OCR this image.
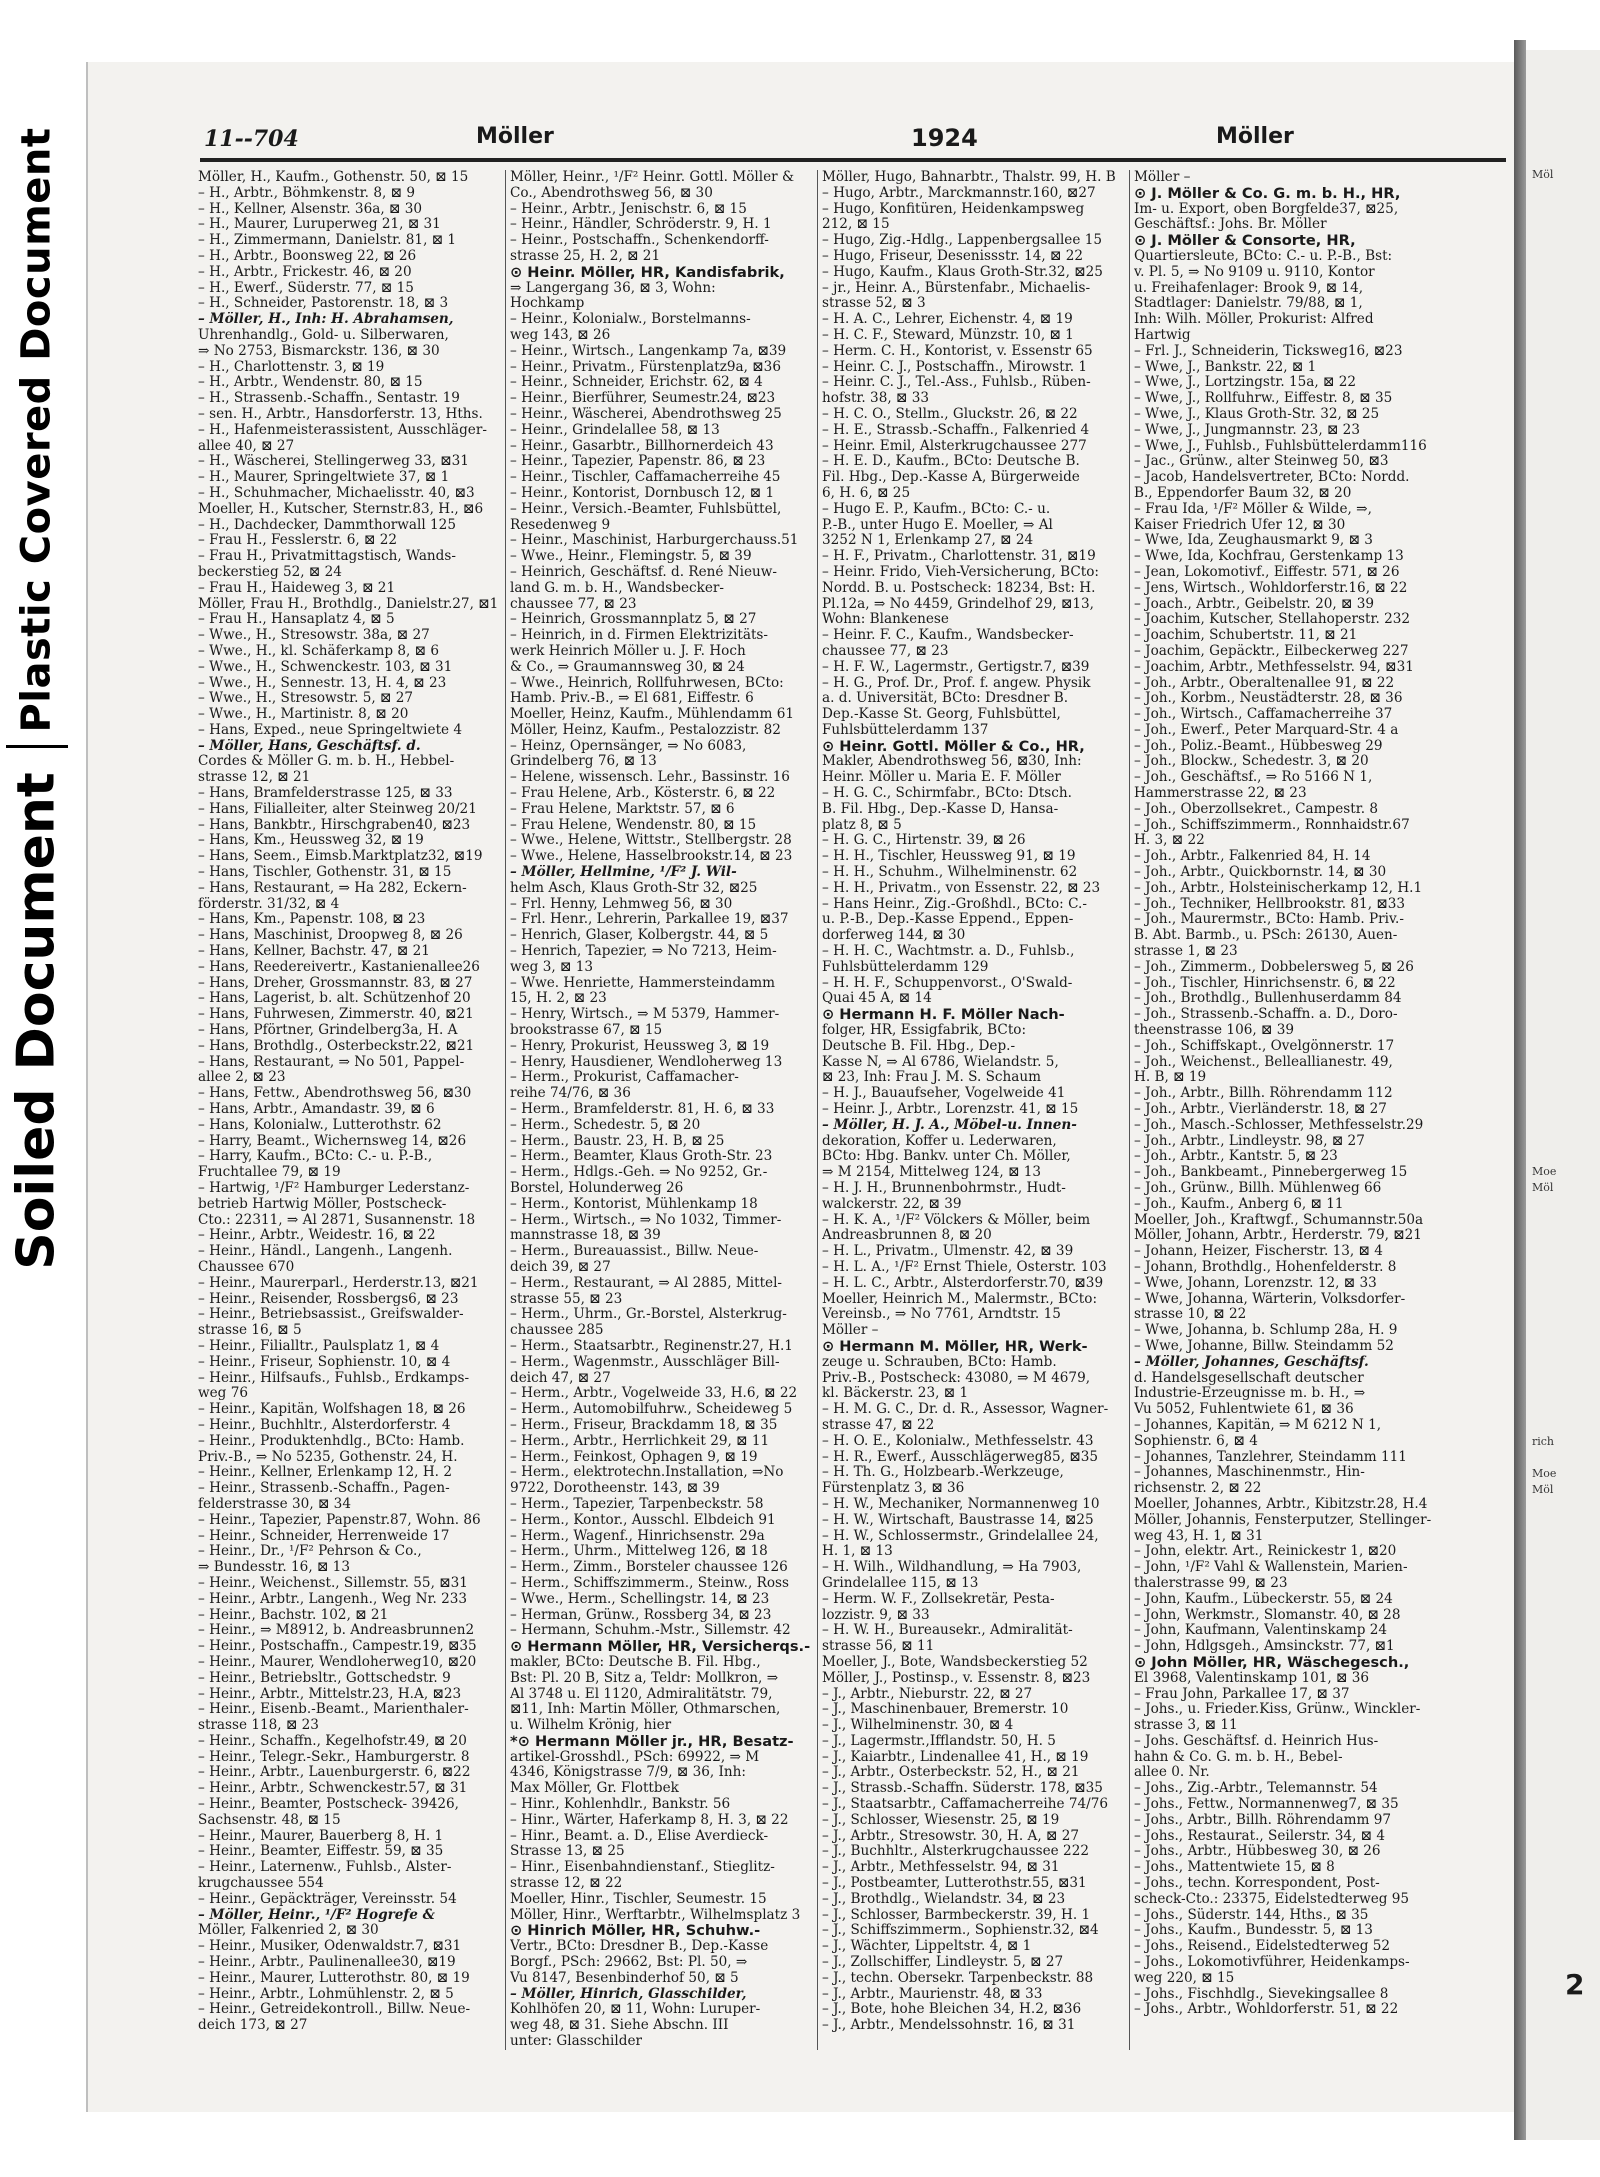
Plastic Covered Document
Soiled Document
Möl
Moe
Möl
rich
Moe
Möl
11--704	Möller	1924	Möller

Möller, H., Kaufm., Gothenstr. 50, ⊠ 15

– H., Arbtr., Böhmkenstr. 8, ⊠ 9

– H., Kellner, Alsenstr. 36a, ⊠ 30

– H., Maurer, Luruperweg 21, ⊠ 31

– H., Zimmermann, Danielstr. 81, ⊠ 1

– H., Arbtr., Boonsweg 22, ⊠ 26

– H., Arbtr., Frickestr. 46, ⊠ 20

– H., Ewerf., Süderstr. 77, ⊠ 15

– H., Schneider, Pastorenstr. 18, ⊠ 3

– Möller, H., Inh: H. Abrahamsen,

Uhrenhandlg., Gold- u. Silberwaren,

⇒ No 2753, Bismarckstr. 136, ⊠ 30

– H., Charlottenstr. 3, ⊠ 19

– H., Arbtr., Wendenstr. 80, ⊠ 15

– H., Strassenb.-Schaffn., Sentastr. 19

– sen. H., Arbtr., Hansdorferstr. 13, Hths.

– H., Hafenmeisterassistent, Ausschläger-

allee 40, ⊠ 27

– H., Wäscherei, Stellingerweg 33, ⊠31

– H., Maurer, Springeltwiete 37, ⊠ 1

– H., Schuhmacher, Michaelisstr. 40, ⊠3

Moeller, H., Kutscher, Sternstr.83, H., ⊠6

– H., Dachdecker, Dammthorwall 125

– Frau H., Fesslerstr. 6, ⊠ 22

– Frau H., Privatmittagstisch, Wands-

beckerstieg 52, ⊠ 24

– Frau H., Haideweg 3, ⊠ 21

Möller, Frau H., Brothdlg., Danielstr.27, ⊠1

– Frau H., Hansaplatz 4, ⊠ 5

– Wwe., H., Stresowstr. 38a, ⊠ 27

– Wwe., H., kl. Schäferkamp 8, ⊠ 6

– Wwe., H., Schwenckestr. 103, ⊠ 31

– Wwe., H., Sennestr. 13, H. 4, ⊠ 23

– Wwe., H., Stresowstr. 5, ⊠ 27

– Wwe., H., Martinistr. 8, ⊠ 20

– Hans, Exped., neue Springeltwiete 4

– Möller, Hans, Geschäftsf. d.

Cordes & Möller G. m. b. H., Hebbel-

strasse 12, ⊠ 21

– Hans, Bramfelderstrasse 125, ⊠ 33

– Hans, Filialleiter, alter Steinweg 20/21

– Hans, Bankbtr., Hirschgraben40, ⊠23

– Hans, Km., Heussweg 32, ⊠ 19

– Hans, Seem., Eimsb.Marktplatz32, ⊠19

– Hans, Tischler, Gothenstr. 31, ⊠ 15

– Hans, Restaurant, ⇒ Ha 282, Eckern-

förderstr. 31/32, ⊠ 4

– Hans, Km., Papenstr. 108, ⊠ 23

– Hans, Maschinist, Droopweg 8, ⊠ 26

– Hans, Kellner, Bachstr. 47, ⊠ 21

– Hans, Reedereivertr., Kastanienallee26

– Hans, Dreher, Grossmannstr. 83, ⊠ 27

– Hans, Lagerist, b. alt. Schützenhof 20

– Hans, Fuhrwesen, Zimmerstr. 40, ⊠21

– Hans, Pförtner, Grindelberg3a, H. A

– Hans, Brothdlg., Osterbeckstr.22, ⊠21

– Hans, Restaurant, ⇒ No 501, Pappel-

allee 2, ⊠ 23

– Hans, Fettw., Abendrothsweg 56, ⊠30

– Hans, Arbtr., Amandastr. 39, ⊠ 6

– Hans, Kolonialw., Lutterothstr. 62

– Harry, Beamt., Wichernsweg 14, ⊠26

– Harry, Kaufm., BCto: C.- u. P.-B.,

Fruchtallee 79, ⊠ 19

– Hartwig, ¹/F² Hamburger Lederstanz-

betrieb Hartwig Möller, Postscheck-

Cto.: 22311, ⇒ Al 2871, Susannenstr. 18

– Heinr., Arbtr., Weidestr. 16, ⊠ 22

– Heinr., Händl., Langenh., Langenh.

Chaussee 670

– Heinr., Maurerparl., Herderstr.13, ⊠21

– Heinr., Reisender, Rossbergs6, ⊠ 23

– Heinr., Betriebsassist., Greifswalder-

strasse 16, ⊠ 5

– Heinr., Filialltr., Paulsplatz 1, ⊠ 4

– Heinr., Friseur, Sophienstr. 10, ⊠ 4

– Heinr., Hilfsaufs., Fuhlsb., Erdkamps-

weg 76

– Heinr., Kapitän, Wolfshagen 18, ⊠ 26

– Heinr., Buchhltr., Alsterdorferstr. 4

– Heinr., Produktenhdlg., BCto: Hamb.

Priv.-B., ⇒ No 5235, Gothenstr. 24, H.

– Heinr., Kellner, Erlenkamp 12, H. 2

– Heinr., Strassenb.-Schaffn., Pagen-

felderstrasse 30, ⊠ 34

– Heinr., Tapezier, Papenstr.87, Wohn. 86

– Heinr., Schneider, Herrenweide 17

– Heinr., Dr., ¹/F² Pehrson & Co.,

⇒ Bundesstr. 16, ⊠ 13

– Heinr., Weichenst., Sillemstr. 55, ⊠31

– Heinr., Arbtr., Langenh., Weg Nr. 233

– Heinr., Bachstr. 102, ⊠ 21

– Heinr., ⇒ M8912, b. Andreasbrunnen2

– Heinr., Postschaffn., Campestr.19, ⊠35

– Heinr., Maurer, Wendloherweg10, ⊠20

– Heinr., Betriebsltr., Gottschedstr. 9

– Heinr., Arbtr., Mittelstr.23, H.A, ⊠23

– Heinr., Eisenb.-Beamt., Marienthaler-

strasse 118, ⊠ 23

– Heinr., Schaffn., Kegelhofstr.49, ⊠ 20

– Heinr., Telegr.-Sekr., Hamburgerstr. 8

– Heinr., Arbtr., Lauenburgerstr. 6, ⊠22

– Heinr., Arbtr., Schwenckestr.57, ⊠ 31

– Heinr., Beamter, Postscheck- 39426,

Sachsenstr. 48, ⊠ 15

– Heinr., Maurer, Bauerberg 8, H. 1

– Heinr., Beamter, Eiffestr. 59, ⊠ 35

– Heinr., Laternenw., Fuhlsb., Alster-

krugchaussee 554

– Heinr., Gepäckträger, Vereinsstr. 54

– Möller, Heinr., ¹/F² Hogrefe &

Möller, Falkenried 2, ⊠ 30

– Heinr., Musiker, Odenwaldstr.7, ⊠31

– Heinr., Arbtr., Paulinenallee30, ⊠19

– Heinr., Maurer, Lutterothstr. 80, ⊠ 19

– Heinr., Arbtr., Lohmühlenstr. 2, ⊠ 5

– Heinr., Getreidekontroll., Billw. Neue-

deich 173, ⊠ 27

Möller, Heinr., ¹/F² Heinr. Gottl. Möller &

Co., Abendrothsweg 56, ⊠ 30

– Heinr., Arbtr., Jenischstr. 6, ⊠ 15

– Heinr., Händler, Schröderstr. 9, H. 1

– Heinr., Postschaffn., Schenkendorff-

strasse 25, H. 2, ⊠ 21

⊙ Heinr. Möller, HR, Kandisfabrik,

⇒ Langergang 36, ⊠ 3, Wohn:

Hochkamp

– Heinr., Kolonialw., Borstelmanns-

weg 143, ⊠ 26

– Heinr., Wirtsch., Langenkamp 7a, ⊠39

– Heinr., Privatm., Fürstenplatz9a, ⊠36

– Heinr., Schneider, Erichstr. 62, ⊠ 4

– Heinr., Bierführer, Seumestr.24, ⊠23

– Heinr., Wäscherei, Abendrothsweg 25

– Heinr., Grindelallee 58, ⊠ 13

– Heinr., Gasarbtr., Billhornerdeich 43

– Heinr., Tapezier, Papenstr. 86, ⊠ 23

– Heinr., Tischler, Caffamacherreihe 45

– Heinr., Kontorist, Dornbusch 12, ⊠ 1

– Heinr., Versich.-Beamter, Fuhlsbüttel,

Resedenweg 9

– Heinr., Maschinist, Harburgerchauss.51

– Wwe., Heinr., Flemingstr. 5, ⊠ 39

– Heinrich, Geschäftsf. d. René Nieuw-

land G. m. b. H., Wandsbecker-

chaussee 77, ⊠ 23

– Heinrich, Grossmannplatz 5, ⊠ 27

– Heinrich, in d. Firmen Elektrizitäts-

werk Heinrich Möller u. J. F. Hoch

& Co., ⇒ Graumannsweg 30, ⊠ 24

– Wwe., Heinrich, Rollfuhrwesen, BCto:

Hamb. Priv.-B., ⇒ El 681, Eiffestr. 6

Moeller, Heinz, Kaufm., Mühlendamm 61

Möller, Heinz, Kaufm., Pestalozzistr. 82

– Heinz, Opernsänger, ⇒ No 6083,

Grindelberg 76, ⊠ 13

– Helene, wissensch. Lehr., Bassinstr. 16

– Frau Helene, Arb., Kösterstr. 6, ⊠ 22

– Frau Helene, Marktstr. 57, ⊠ 6

– Frau Helene, Wendenstr. 80, ⊠ 15

– Wwe., Helene, Wittstr., Stellbergstr. 28

– Wwe., Helene, Hasselbrookstr.14, ⊠ 23

– Möller, Hellmine, ¹/F² J. Wil-

helm Asch, Klaus Groth-Str 32, ⊠25

– Frl. Henny, Lehmweg 56, ⊠ 30

– Frl. Henr., Lehrerin, Parkallee 19, ⊠37

– Henrich, Glaser, Kolbergstr. 44, ⊠ 5

– Henrich, Tapezier, ⇒ No 7213, Heim-

weg 3, ⊠ 13

– Wwe. Henriette, Hammersteindamm

15, H. 2, ⊠ 23

– Henry, Wirtsch., ⇒ M 5379, Hammer-

brookstrasse 67, ⊠ 15

– Henry, Prokurist, Heussweg 3, ⊠ 19

– Henry, Hausdiener, Wendloherweg 13

– Herm., Prokurist, Caffamacher-

reihe 74/76, ⊠ 36

– Herm., Bramfelderstr. 81, H. 6, ⊠ 33

– Herm., Schedestr. 5, ⊠ 20

– Herm., Baustr. 23, H. B, ⊠ 25

– Herm., Beamter, Klaus Groth-Str. 23

– Herm., Hdlgs.-Geh. ⇒ No 9252, Gr.-

Borstel, Holunderweg 26

– Herm., Kontorist, Mühlenkamp 18

– Herm., Wirtsch., ⇒ No 1032, Timmer-

mannstrasse 18, ⊠ 39

– Herm., Bureauassist., Billw. Neue-

deich 39, ⊠ 27

– Herm., Restaurant, ⇒ Al 2885, Mittel-

strasse 55, ⊠ 23

– Herm., Uhrm., Gr.-Borstel, Alsterkrug-

chaussee 285

– Herm., Staatsarbtr., Reginenstr.27, H.1

– Herm., Wagenmstr., Ausschläger Bill-

deich 47, ⊠ 27

– Herm., Arbtr., Vogelweide 33, H.6, ⊠ 22

– Herm., Automobilfuhrw., Scheideweg 5

– Herm., Friseur, Brackdamm 18, ⊠ 35

– Herm., Arbtr., Herrlichkeit 29, ⊠ 11

– Herm., Feinkost, Ophagen 9, ⊠ 19

– Herm., elektrotechn.Installation, ⇒No

9722, Dorotheenstr. 143, ⊠ 39

– Herm., Tapezier, Tarpenbeckstr. 58

– Herm., Kontor., Ausschl. Elbdeich 91

– Herm., Wagenf., Hinrichsenstr. 29a

– Herm., Uhrm., Mittelweg 126, ⊠ 18

– Herm., Zimm., Borsteler chaussee 126

– Herm., Schiffszimmerm., Steinw., Ross

– Wwe., Herm., Schellingstr. 14, ⊠ 23

– Herman, Grünw., Rossberg 34, ⊠ 23

– Hermann, Schuhm.-Mstr., Sillemstr. 42

⊙ Hermann Möller, HR, Versicherqs.-

makler, BCto: Deutsche B. Fil. Hbg.,

Bst: Pl. 20 B, Sitz a, Teldr: Mollkron, ⇒

Al 3748 u. El 1120, Admiralitätstr. 79,

⊠11, Inh: Martin Möller, Othmarschen,

u. Wilhelm Krönig, hier

*⊙ Hermann Möller jr., HR, Besatz-

artikel-Grosshdl., PSch: 69922, ⇒ M

4346, Königstrasse 7/9, ⊠ 36, Inh:

Max Möller, Gr. Flottbek

– Hinr., Kohlenhdlr., Bankstr. 56

– Hinr., Wärter, Haferkamp 8, H. 3, ⊠ 22

– Hinr., Beamt. a. D., Elise Averdieck-

Strasse 13, ⊠ 25

– Hinr., Eisenbahndienstanf., Stieglitz-

strasse 12, ⊠ 22

Moeller, Hinr., Tischler, Seumestr. 15

Möller, Hinr., Werftarbtr., Wilhelmsplatz 3

⊙ Hinrich Möller, HR, Schuhw.-

Vertr., BCto: Dresdner B., Dep.-Kasse

Borgf., PSch: 29662, Bst: Pl. 50, ⇒

Vu 8147, Besenbinderhof 50, ⊠ 5

– Möller, Hinrich, Glasschilder,

Kohlhöfen 20, ⊠ 11, Wohn: Luruper-

weg 48, ⊠ 31. Siehe Abschn. III

unter: Glasschilder

Möller, Hugo, Bahnarbtr., Thalstr. 99, H. B

– Hugo, Arbtr., Marckmannstr.160, ⊠27

– Hugo, Konfitüren, Heidenkampsweg

212, ⊠ 15

– Hugo, Zig.-Hdlg., Lappenbergsallee 15

– Hugo, Friseur, Desenissstr. 14, ⊠ 22

– Hugo, Kaufm., Klaus Groth-Str.32, ⊠25

– jr., Heinr. A., Bürstenfabr., Michaelis-

strasse 52, ⊠ 3

– H. A. C., Lehrer, Eichenstr. 4, ⊠ 19

– H. C. F., Steward, Münzstr. 10, ⊠ 1

– Herm. C. H., Kontorist, v. Essenstr 65

– Heinr. C. J., Postschaffn., Mirowstr. 1

– Heinr. C. J., Tel.-Ass., Fuhlsb., Rüben-

hofstr. 38, ⊠ 33

– H. C. O., Stellm., Gluckstr. 26, ⊠ 22

– H. E., Strassb.-Schaffn., Falkenried 4

– Heinr. Emil, Alsterkrugchaussee 277

– H. E. D., Kaufm., BCto: Deutsche B.

Fil. Hbg., Dep.-Kasse A, Bürgerweide

6, H. 6, ⊠ 25

– Hugo E. P., Kaufm., BCto: C.- u.

P.-B., unter Hugo E. Moeller, ⇒ Al

3252 N 1, Erlenkamp 27, ⊠ 24

– H. F., Privatm., Charlottenstr. 31, ⊠19

– Heinr. Frido, Vieh-Versicherung, BCto:

Nordd. B. u. Postscheck: 18234, Bst: H.

Pl.12a, ⇒ No 4459, Grindelhof 29, ⊠13,

Wohn: Blankenese

– Heinr. F. C., Kaufm., Wandsbecker-

chaussee 77, ⊠ 23

– H. F. W., Lagermstr., Gertigstr.7, ⊠39

– H. G., Prof. Dr., Prof. f. angew. Physik

a. d. Universität, BCto: Dresdner B.

Dep.-Kasse St. Georg, Fuhlsbüttel,

Fuhlsbüttelerdamm 137

⊙ Heinr. Gottl. Möller & Co., HR,

Makler, Abendrothsweg 56, ⊠30, Inh:

Heinr. Möller u. Maria E. F. Möller

– H. G. C., Schirmfabr., BCto: Dtsch.

B. Fil. Hbg., Dep.-Kasse D, Hansa-

platz 8, ⊠ 5

– H. G. C., Hirtenstr. 39, ⊠ 26

– H. H., Tischler, Heussweg 91, ⊠ 19

– H. H., Schuhm., Wilhelminenstr. 62

– H. H., Privatm., von Essenstr. 22, ⊠ 23

– Hans Heinr., Zig.-Großhdl., BCto: C.-

u. P.-B., Dep.-Kasse Eppend., Eppen-

dorferweg 144, ⊠ 30

– H. H. C., Wachtmstr. a. D., Fuhlsb.,

Fuhlsbüttelerdamm 129

– H. H. F., Schuppenvorst., O'Swald-

Quai 45 A, ⊠ 14

⊙ Hermann H. F. Möller Nach-

folger, HR, Essigfabrik, BCto:

Deutsche B. Fil. Hbg., Dep.-

Kasse N, ⇒ Al 6786, Wielandstr. 5,

⊠ 23, Inh: Frau J. M. S. Schaum

– H. J., Bauaufseher, Vogelweide 41

– Heinr. J., Arbtr., Lorenzstr. 41, ⊠ 15

– Möller, H. J. A., Möbel-u. Innen-

dekoration, Koffer u. Lederwaren,

BCto: Hbg. Bankv. unter Ch. Möller,

⇒ M 2154, Mittelweg 124, ⊠ 13

– H. J. H., Brunnenbohrmstr., Hudt-

walckerstr. 22, ⊠ 39

– H. K. A., ¹/F² Völckers & Möller, beim

Andreasbrunnen 8, ⊠ 20

– H. L., Privatm., Ulmenstr. 42, ⊠ 39

– H. L. A., ¹/F² Ernst Thiele, Osterstr. 103

– H. L. C., Arbtr., Alsterdorferstr.70, ⊠39

Moeller, Heinrich M., Malermstr., BCto:

Vereinsb., ⇒ No 7761, Arndtstr. 15

Möller –

⊙ Hermann M. Möller, HR, Werk-

zeuge u. Schrauben, BCto: Hamb.

Priv.-B., Postscheck: 43080, ⇒ M 4679,

kl. Bäckerstr. 23, ⊠ 1

– H. M. G. C., Dr. d. R., Assessor, Wagner-

strasse 47, ⊠ 22

– H. O. E., Kolonialw., Methfesselstr. 43

– H. R., Ewerf., Ausschlägerweg85, ⊠35

– H. Th. G., Holzbearb.-Werkzeuge,

Fürstenplatz 3, ⊠ 36

– H. W., Mechaniker, Normannenweg 10

– H. W., Wirtschaft, Baustrasse 14, ⊠25

– H. W., Schlossermstr., Grindelallee 24,

H. 1, ⊠ 13

– H. Wilh., Wildhandlung, ⇒ Ha 7903,

Grindelallee 115, ⊠ 13

– Herm. W. F., Zollsekretär, Pesta-

lozzistr. 9, ⊠ 33

– H. W. H., Bureausekr., Admiralität-

strasse 56, ⊠ 11

Moeller, J., Bote, Wandsbeckerstieg 52

Möller, J., Postinsp., v. Essenstr. 8, ⊠23

– J., Arbtr., Nieburstr. 22, ⊠ 27

– J., Maschinenbauer, Bremerstr. 10

– J., Wilhelminenstr. 30, ⊠ 4

– J., Lagermstr.,Ifflandstr. 50, H. 5

– J., Kaiarbtr., Lindenallee 41, H., ⊠ 19

– J., Arbtr., Osterbeckstr. 52, H., ⊠ 21

– J., Strassb.-Schaffn. Süderstr. 178, ⊠35

– J., Staatsarbtr., Caffamacherreihe 74/76

– J., Schlosser, Wiesenstr. 25, ⊠ 19

– J., Arbtr., Stresowstr. 30, H. A, ⊠ 27

– J., Buchhltr., Alsterkrugchaussee 222

– J., Arbtr., Methfesselstr. 94, ⊠ 31

– J., Postbeamter, Lutterothstr.55, ⊠31

– J., Brothdlg., Wielandstr. 34, ⊠ 23

– J., Schlosser, Barmbeckerstr. 39, H. 1

– J., Schiffszimmerm., Sophienstr.32, ⊠4

– J., Wächter, Lippeltstr. 4, ⊠ 1

– J., Zollschiffer, Lindleystr. 5, ⊠ 27

– J., techn. Obersekr. Tarpenbeckstr. 88

– J., Arbtr., Maurienstr. 48, ⊠ 33

– J., Bote, hohe Bleichen 34, H.2, ⊠36

– J., Arbtr., Mendelssohnstr. 16, ⊠ 31

Möller –

⊙ J. Möller & Co. G. m. b. H., HR,

Im- u. Export, oben Borgfelde37, ⊠25,

Geschäftsf.: Johs. Br. Möller

⊙ J. Möller & Consorte, HR,

Quartiersleute, BCto: C.- u. P.-B., Bst:

v. Pl. 5, ⇒ No 9109 u. 9110, Kontor

u. Freihafenlager: Brook 9, ⊠ 14,

Stadtlager: Danielstr. 79/88, ⊠ 1,

Inh: Wilh. Möller, Prokurist: Alfred

Hartwig

– Frl. J., Schneiderin, Ticksweg16, ⊠23

– Wwe, J., Bankstr. 22, ⊠ 1

– Wwe, J., Lortzingstr. 15a, ⊠ 22

– Wwe, J., Rollfuhrw., Eiffestr. 8, ⊠ 35

– Wwe, J., Klaus Groth-Str. 32, ⊠ 25

– Wwe, J., Jungmannstr. 23, ⊠ 23

– Wwe, J., Fuhlsb., Fuhlsbüttelerdamm116

– Jac., Grünw., alter Steinweg 50, ⊠3

– Jacob, Handelsvertreter, BCto: Nordd.

B., Eppendorfer Baum 32, ⊠ 20

– Frau Ida, ¹/F² Möller & Wilde, ⇒,

Kaiser Friedrich Ufer 12, ⊠ 30

– Wwe, Ida, Zeughausmarkt 9, ⊠ 3

– Wwe, Ida, Kochfrau, Gerstenkamp 13

– Jean, Lokomotivf., Eiffestr. 571, ⊠ 26

– Jens, Wirtsch., Wohldorferstr.16, ⊠ 22

– Joach., Arbtr., Geibelstr. 20, ⊠ 39

– Joachim, Kutscher, Stellahoperstr. 232

– Joachim, Schubertstr. 11, ⊠ 21

– Joachim, Gepäcktr., Eilbeckerweg 227

– Joachim, Arbtr., Methfesselstr. 94, ⊠31

– Joh., Arbtr., Oberaltenallee 91, ⊠ 22

– Joh., Korbm., Neustädterstr. 28, ⊠ 36

– Joh., Wirtsch., Caffamacherreihe 37

– Joh., Ewerf., Peter Marquard-Str. 4 a

– Joh., Poliz.-Beamt., Hübbesweg 29

– Joh., Blockw., Schedestr. 3, ⊠ 20

– Joh., Geschäftsf., ⇒ Ro 5166 N 1,

Hammerstrasse 22, ⊠ 23

– Joh., Oberzollsekret., Campestr. 8

– Joh., Schiffszimmerm., Ronnhaidstr.67

H. 3, ⊠ 22

– Joh., Arbtr., Falkenried 84, H. 14

– Joh., Arbtr., Quickbornstr. 14, ⊠ 30

– Joh., Arbtr., Holsteinischerkamp 12, H.1

– Joh., Techniker, Hellbrookstr. 81, ⊠33

– Joh., Maurermstr., BCto: Hamb. Priv.-

B. Abt. Barmb., u. PSch: 26130, Auen-

strasse 1, ⊠ 23

– Joh., Zimmerm., Dobbelersweg 5, ⊠ 26

– Joh., Tischler, Hinrichsenstr. 6, ⊠ 22

– Joh., Brothdlg., Bullenhuserdamm 84

– Joh., Strassenb.-Schaffn. a. D., Doro-

theenstrasse 106, ⊠ 39

– Joh., Schiffskapt., Övelgönnerstr. 17

– Joh., Weichenst., Belleallianestr. 49,

H. B, ⊠ 19

– Joh., Arbtr., Billh. Röhrendamm 112

– Joh., Arbtr., Vierländerstr. 18, ⊠ 27

– Joh., Masch.-Schlosser, Methfesselstr.29

– Joh., Arbtr., Lindleystr. 98, ⊠ 27

– Joh., Arbtr., Kantstr. 5, ⊠ 23

– Joh., Bankbeamt., Pinnebergerweg 15

– Joh., Grünw., Billh. Mühlenweg 66

– Joh., Kaufm., Anberg 6, ⊠ 11

Moeller, Joh., Kraftwgf., Schumannstr.50a

Möller, Johann, Arbtr., Herderstr. 79, ⊠21

– Johann, Heizer, Fischerstr. 13, ⊠ 4

– Johann, Brothdlg., Hohenfelderstr. 8

– Wwe, Johann, Lorenzstr. 12, ⊠ 33

– Wwe, Johanna, Wärterin, Volksdorfer-

strasse 10, ⊠ 22

– Wwe, Johanna, b. Schlump 28a, H. 9

– Wwe, Johanne, Billw. Steindamm 52

– Möller, Johannes, Geschäftsf.

d. Handelsgesellschaft deutscher

Industrie-Erzeugnisse m. b. H., ⇒

Vu 5052, Fuhlentwiete 61, ⊠ 36

– Johannes, Kapitän, ⇒ M 6212 N 1,

Sophienstr. 6, ⊠ 4

– Johannes, Tanzlehrer, Steindamm 111

– Johannes, Maschinenmstr., Hin-

richsenstr. 2, ⊠ 22

Moeller, Johannes, Arbtr., Kibitzstr.28, H.4

Möller, Johannis, Fensterputzer, Stellinger-

weg 43, H. 1, ⊠ 31

– John, elektr. Art., Reinickestr 1, ⊠20

– John, ¹/F² Vahl & Wallenstein, Marien-

thalerstrasse 99, ⊠ 23

– John, Kaufm., Lübeckerstr. 55, ⊠ 24

– John, Werkmstr., Slomanstr. 40, ⊠ 28

– John, Kaufmann, Valentinskamp 24

– John, Hdlgsgeh., Amsinckstr. 77, ⊠1

⊙ John Möller, HR, Wäschegesch.,

El 3968, Valentinskamp 101, ⊠ 36

– Frau John, Parkallee 17, ⊠ 37

– Johs., u. Frieder.Kiss, Grünw., Winckler-

strasse 3, ⊠ 11

– Johs. Geschäftsf. d. Heinrich Hus-

hahn & Co. G. m. b. H., Bebel-

allee 0. Nr.

– Johs., Zig.-Arbtr., Telemannstr. 54

– Johs., Fettw., Normannenweg7, ⊠ 35

– Johs., Arbtr., Billh. Röhrendamm 97

– Johs., Restaurat., Seilerstr. 34, ⊠ 4

– Johs., Arbtr., Hübbesweg 30, ⊠ 26

– Johs., Mattentwiete 15, ⊠ 8

– Johs., techn. Korrespondent, Post-

scheck-Cto.: 23375, Eidelstedterweg 95

– Johs., Süderstr. 144, Hths., ⊠ 35

– Johs., Kaufm., Bundesstr. 5, ⊠ 13

– Johs., Reisend., Eidelstedterweg 52

– Johs., Lokomotivführer, Heidenkamps-

weg 220, ⊠ 15

– Johs., Fischhdlg., Sievekingsallee 8

– Johs., Arbtr., Wohldorferstr. 51, ⊠ 22

2
